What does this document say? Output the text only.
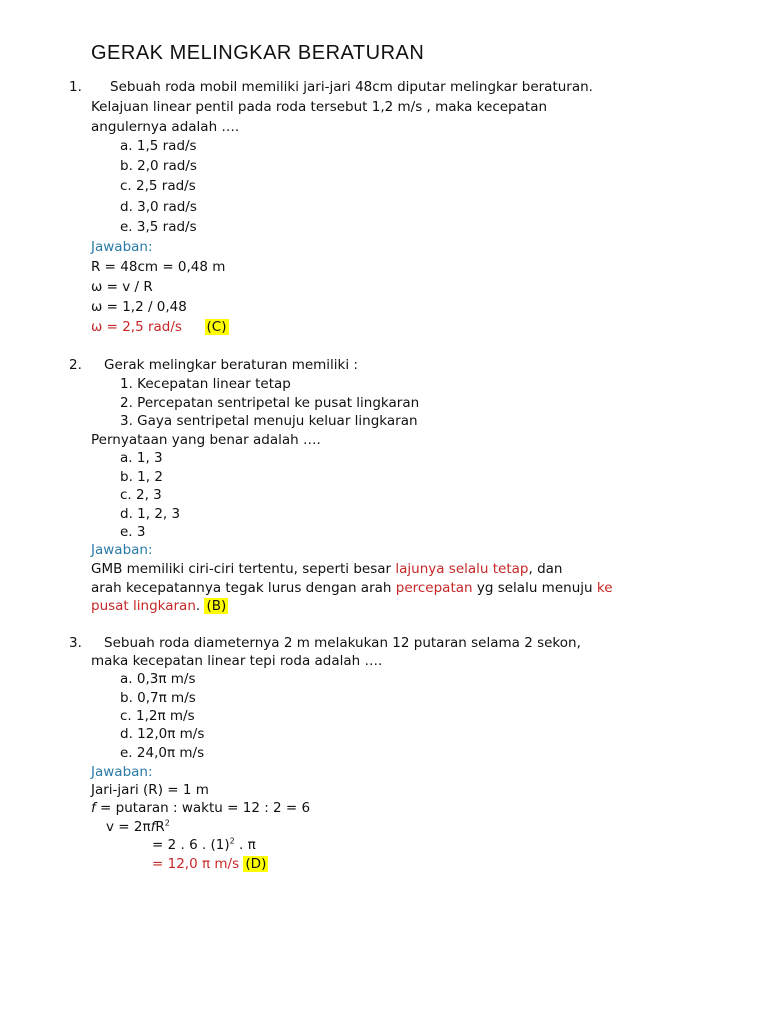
GERAK MELINGKAR BERATURAN
1. Sebuah roda mobil memiliki jari-jari 48cm diputar melingkar beraturan.
Kelajuan linear pentil pada roda tersebut 1,2 m/s , maka kecepatan
angulernya adalah ….
a. 1,5 rad/s
b. 2,0 rad/s
c. 2,5 rad/s
d. 3,0 rad/s
e. 3,5 rad/s
Jawaban:
R = 48cm = 0,48 m
ω = v / R
ω = 1,2 / 0,48
ω = 2,5 rad/s (C)
2. Gerak melingkar beraturan memiliki :
1. Kecepatan linear tetap
2. Percepatan sentripetal ke pusat lingkaran
3. Gaya sentripetal menuju keluar lingkaran
Pernyataan yang benar adalah ….
a. 1, 3
b. 1, 2
c. 2, 3
d. 1, 2, 3
e. 3
Jawaban:
GMB memiliki ciri-ciri tertentu, seperti besar lajunya selalu tetap, dan
arah kecepatannya tegak lurus dengan arah percepatan yg selalu menuju ke
pusat lingkaran. (B)
3. Sebuah roda diameternya 2 m melakukan 12 putaran selama 2 sekon,
maka kecepatan linear tepi roda adalah ….
a. 0,3π m/s
b. 0,7π m/s
c. 1,2π m/s
d. 12,0π m/s
e. 24,0π m/s
Jawaban:
Jari-jari (R) = 1 m
f = putaran : waktu = 12 : 2 = 6
v = 2πfR$^2$
= 2 . 6 . $(1)^2$ . π
= 12,0 π m/s (D)
